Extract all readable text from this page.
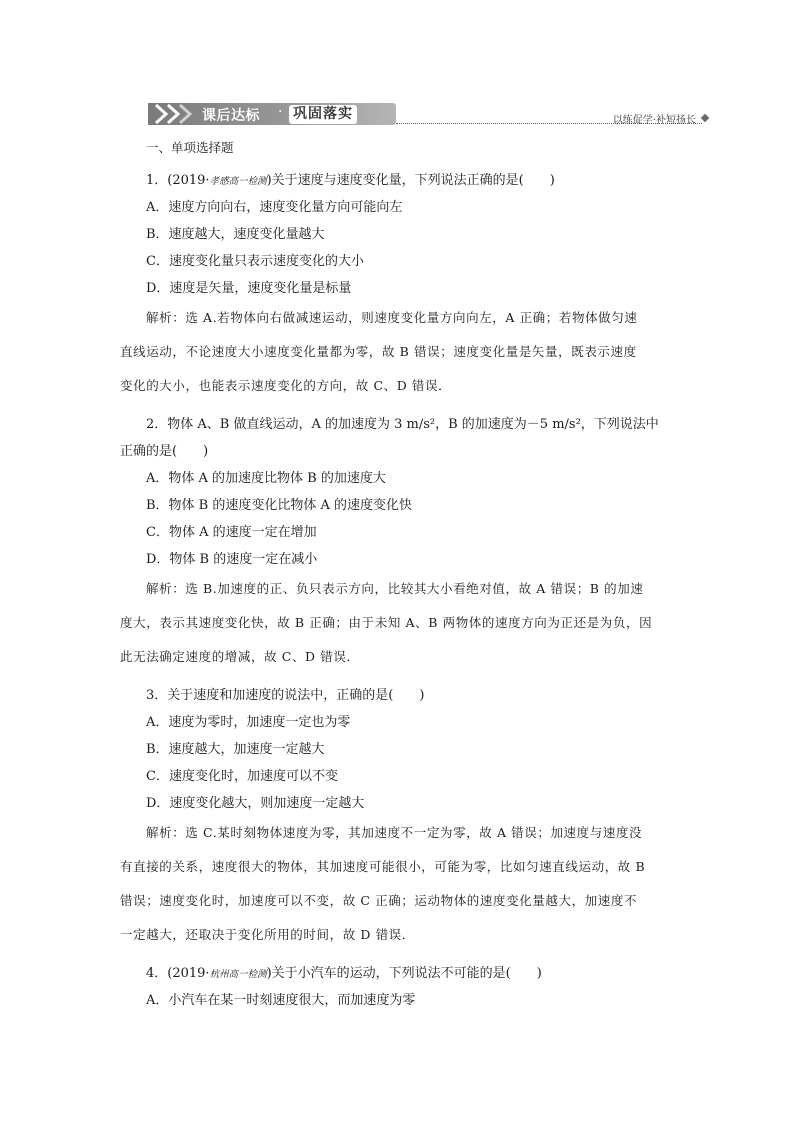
课后达标 · 巩固落实	以练促学·补短扬长
一、单项选择题
1．(2019·孝感高一检测)关于速度与速度变化量，下列说法正确的是(　　)
A．速度方向向右，速度变化量方向可能向左
B．速度越大，速度变化量越大
C．速度变化量只表示速度变化的大小
D．速度是矢量，速度变化量是标量
解析：选 A.若物体向右做减速运动，则速度变化量方向向左，A 正确；若物体做匀速
直线运动，不论速度大小速度变化量都为零，故 B 错误；速度变化量是矢量，既表示速度
变化的大小，也能表示速度变化的方向，故 C、D 错误．
2．物体 A、B 做直线运动，A 的加速度为 3 m/s²，B 的加速度为－5 m/s²，下列说法中
正确的是(　　)
A．物体 A 的加速度比物体 B 的加速度大
B．物体 B 的速度变化比物体 A 的速度变化快
C．物体 A 的速度一定在增加
D．物体 B 的速度一定在减小
解析：选 B.加速度的正、负只表示方向，比较其大小看绝对值，故 A 错误；B 的加速
度大，表示其速度变化快，故 B 正确；由于未知 A、B 两物体的速度方向为正还是为负，因
此无法确定速度的增减，故 C、D 错误．
3．关于速度和加速度的说法中，正确的是(　　)
A．速度为零时，加速度一定也为零
B．速度越大，加速度一定越大
C．速度变化时，加速度可以不变
D．速度变化越大，则加速度一定越大
解析：选 C.某时刻物体速度为零，其加速度不一定为零，故 A 错误；加速度与速度没
有直接的关系，速度很大的物体，其加速度可能很小，可能为零，比如匀速直线运动，故 B
错误；速度变化时，加速度可以不变，故 C 正确；运动物体的速度变化量越大，加速度不
一定越大，还取决于变化所用的时间，故 D 错误．
4．(2019·杭州高一检测)关于小汽车的运动，下列说法不可能的是(　　)
A．小汽车在某一时刻速度很大，而加速度为零
